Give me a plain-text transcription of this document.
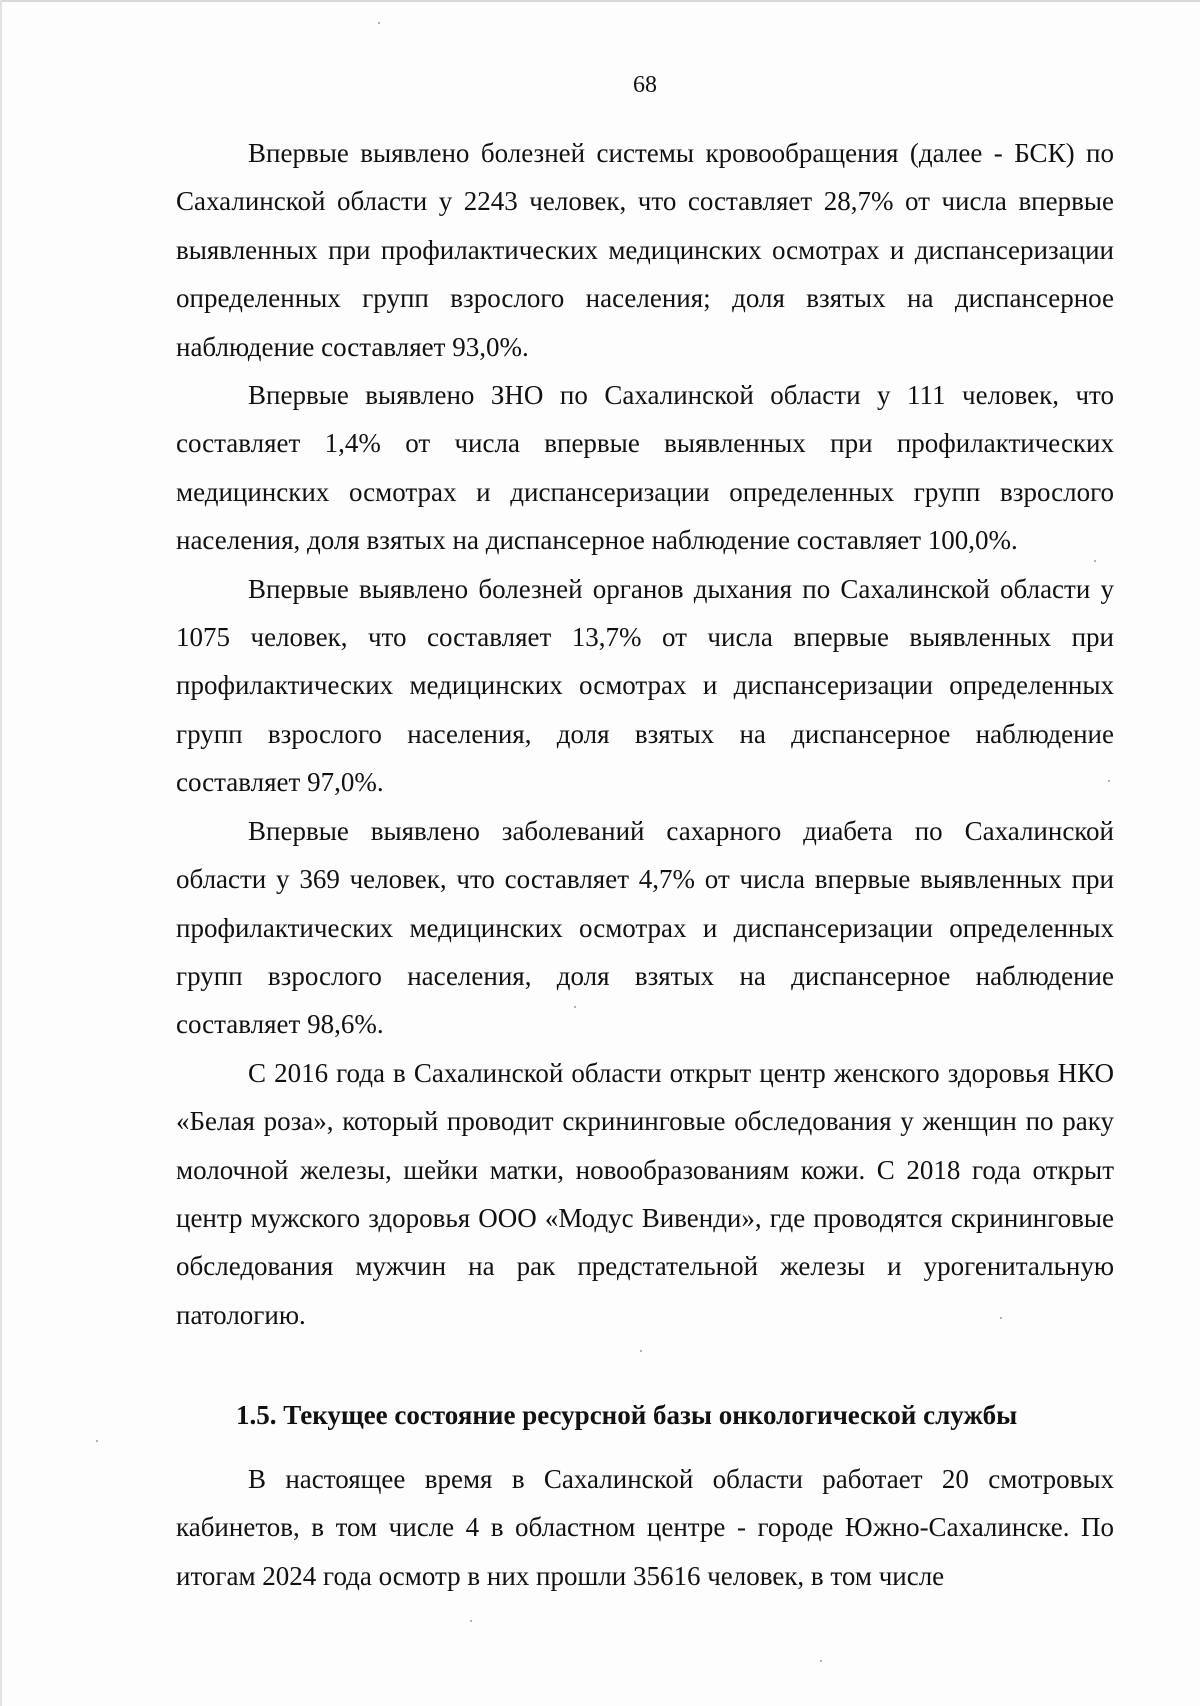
68

Впервые выявлено болезней системы кровообращения (далее - БСК) по Сахалинской области у 2243 человек, что составляет 28,7% от числа впервые выявленных при профилактических медицинских осмотрах и диспансеризации определенных групп взрослого населения; доля взятых на диспансерное наблюдение составляет 93,0%.

Впервые выявлено ЗНО по Сахалинской области у 111 человек, что составляет 1,4% от числа впервые выявленных при профилактических медицинских осмотрах и диспансеризации определенных групп взрослого населения, доля взятых на диспансерное наблюдение составляет 100,0%.

Впервые выявлено болезней органов дыхания по Сахалинской области у 1075 человек, что составляет 13,7% от числа впервые выявленных при профилактических медицинских осмотрах и диспансеризации определенных групп взрослого населения, доля взятых на диспансерное наблюдение составляет 97,0%.

Впервые выявлено заболеваний сахарного диабета по Сахалинской области у 369 человек, что составляет 4,7% от числа впервые выявленных при профилактических медицинских осмотрах и диспансеризации определенных групп взрослого населения, доля взятых на диспансерное наблюдение составляет 98,6%.

С 2016 года в Сахалинской области открыт центр женского здоровья НКО «Белая роза», который проводит скрининговые обследования у женщин по раку молочной железы, шейки матки, новообразованиям кожи. С 2018 года открыт центр мужского здоровья ООО «Модус Вивенди», где проводятся скрининговые обследования мужчин на рак предстательной железы и урогенитальную патологию.

1.5. Текущее состояние ресурсной базы онкологической службы

В настоящее время в Сахалинской области работает 20 смотровых кабинетов, в том числе 4 в областном центре - городе Южно-Сахалинске. По итогам 2024 года осмотр в них прошли 35616 человек, в том числе
